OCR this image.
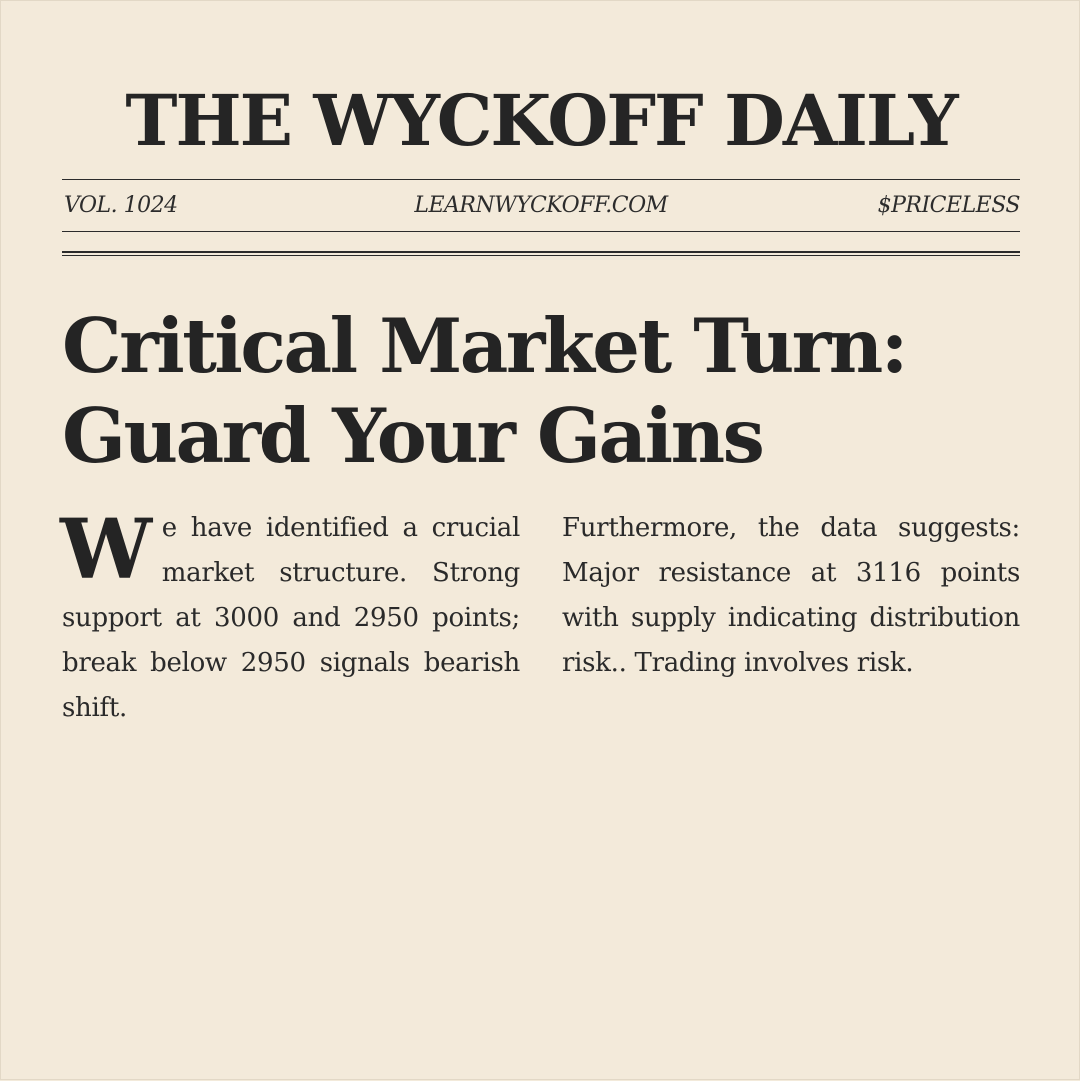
THE WYCKOFF DAILY
LEARNWYCKOFF.COM
VOL. 1024	$PRICELESS
Critical Market Turn:
Guard Your Gains
W e have identified a crucial market structure. Strong support at 3000 and 2950 points; break below 2950 signals bearish shift.
Furthermore, the data suggests: Major resistance at 3116 points with supply indicating distribution risk.. Trading involves risk.
